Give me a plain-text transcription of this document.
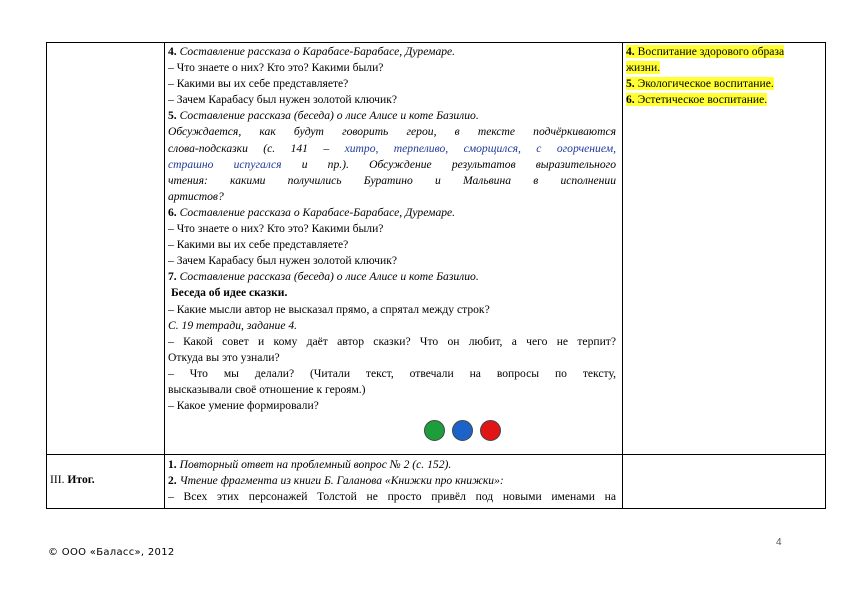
4. Составление рассказа о Карабасе-Барабасе, Дуремаре.
– Что знаете о них? Кто это? Какими были?
– Какими вы их себе представляете?
– Зачем Карабасу был нужен золотой ключик?
5. Составление рассказа (беседа) о лисе Алисе и коте Базилио.
Обсуждается, как будут говорить герои, в тексте подчёркиваются
слова-подсказки (с. 141 – хитро, терпеливо, сморщился, с огорчением,
страшно испугался и пр.). Обсуждение результатов выразительного
чтения: какими получились Буратино и Мальвина в исполнении
артистов?
6. Составление рассказа о Карабасе-Барабасе, Дуремаре.
– Что знаете о них? Кто это? Какими были?
– Какими вы их себе представляете?
– Зачем Карабасу был нужен золотой ключик?
7. Составление рассказа (беседа) о лисе Алисе и коте Базилио.
Беседа об идее сказки.
– Какие мысли автор не высказал прямо, а спрятал между строк?
С. 19 тетради, задание 4.
– Какой совет и кому даёт автор сказки? Что он любит, а чего не терпит?
Откуда вы это узнали?
– Что мы делали? (Читали текст, отвечали на вопросы по тексту,
высказывали своё отношение к героям.)
– Какое умение формировали?
4. Воспитание здорового образа
жизни.
5. Экологическое воспитание.
6. Эстетическое воспитание.
III. Итог.
1. Повторный ответ на проблемный вопрос № 2 (с. 152).
2. Чтение фрагмента из книги Б. Галанова «Книжки про книжки»:
– Всех этих персонажей Толстой не просто привёл под новыми именами на
4
© ООО «Баласс», 2012
